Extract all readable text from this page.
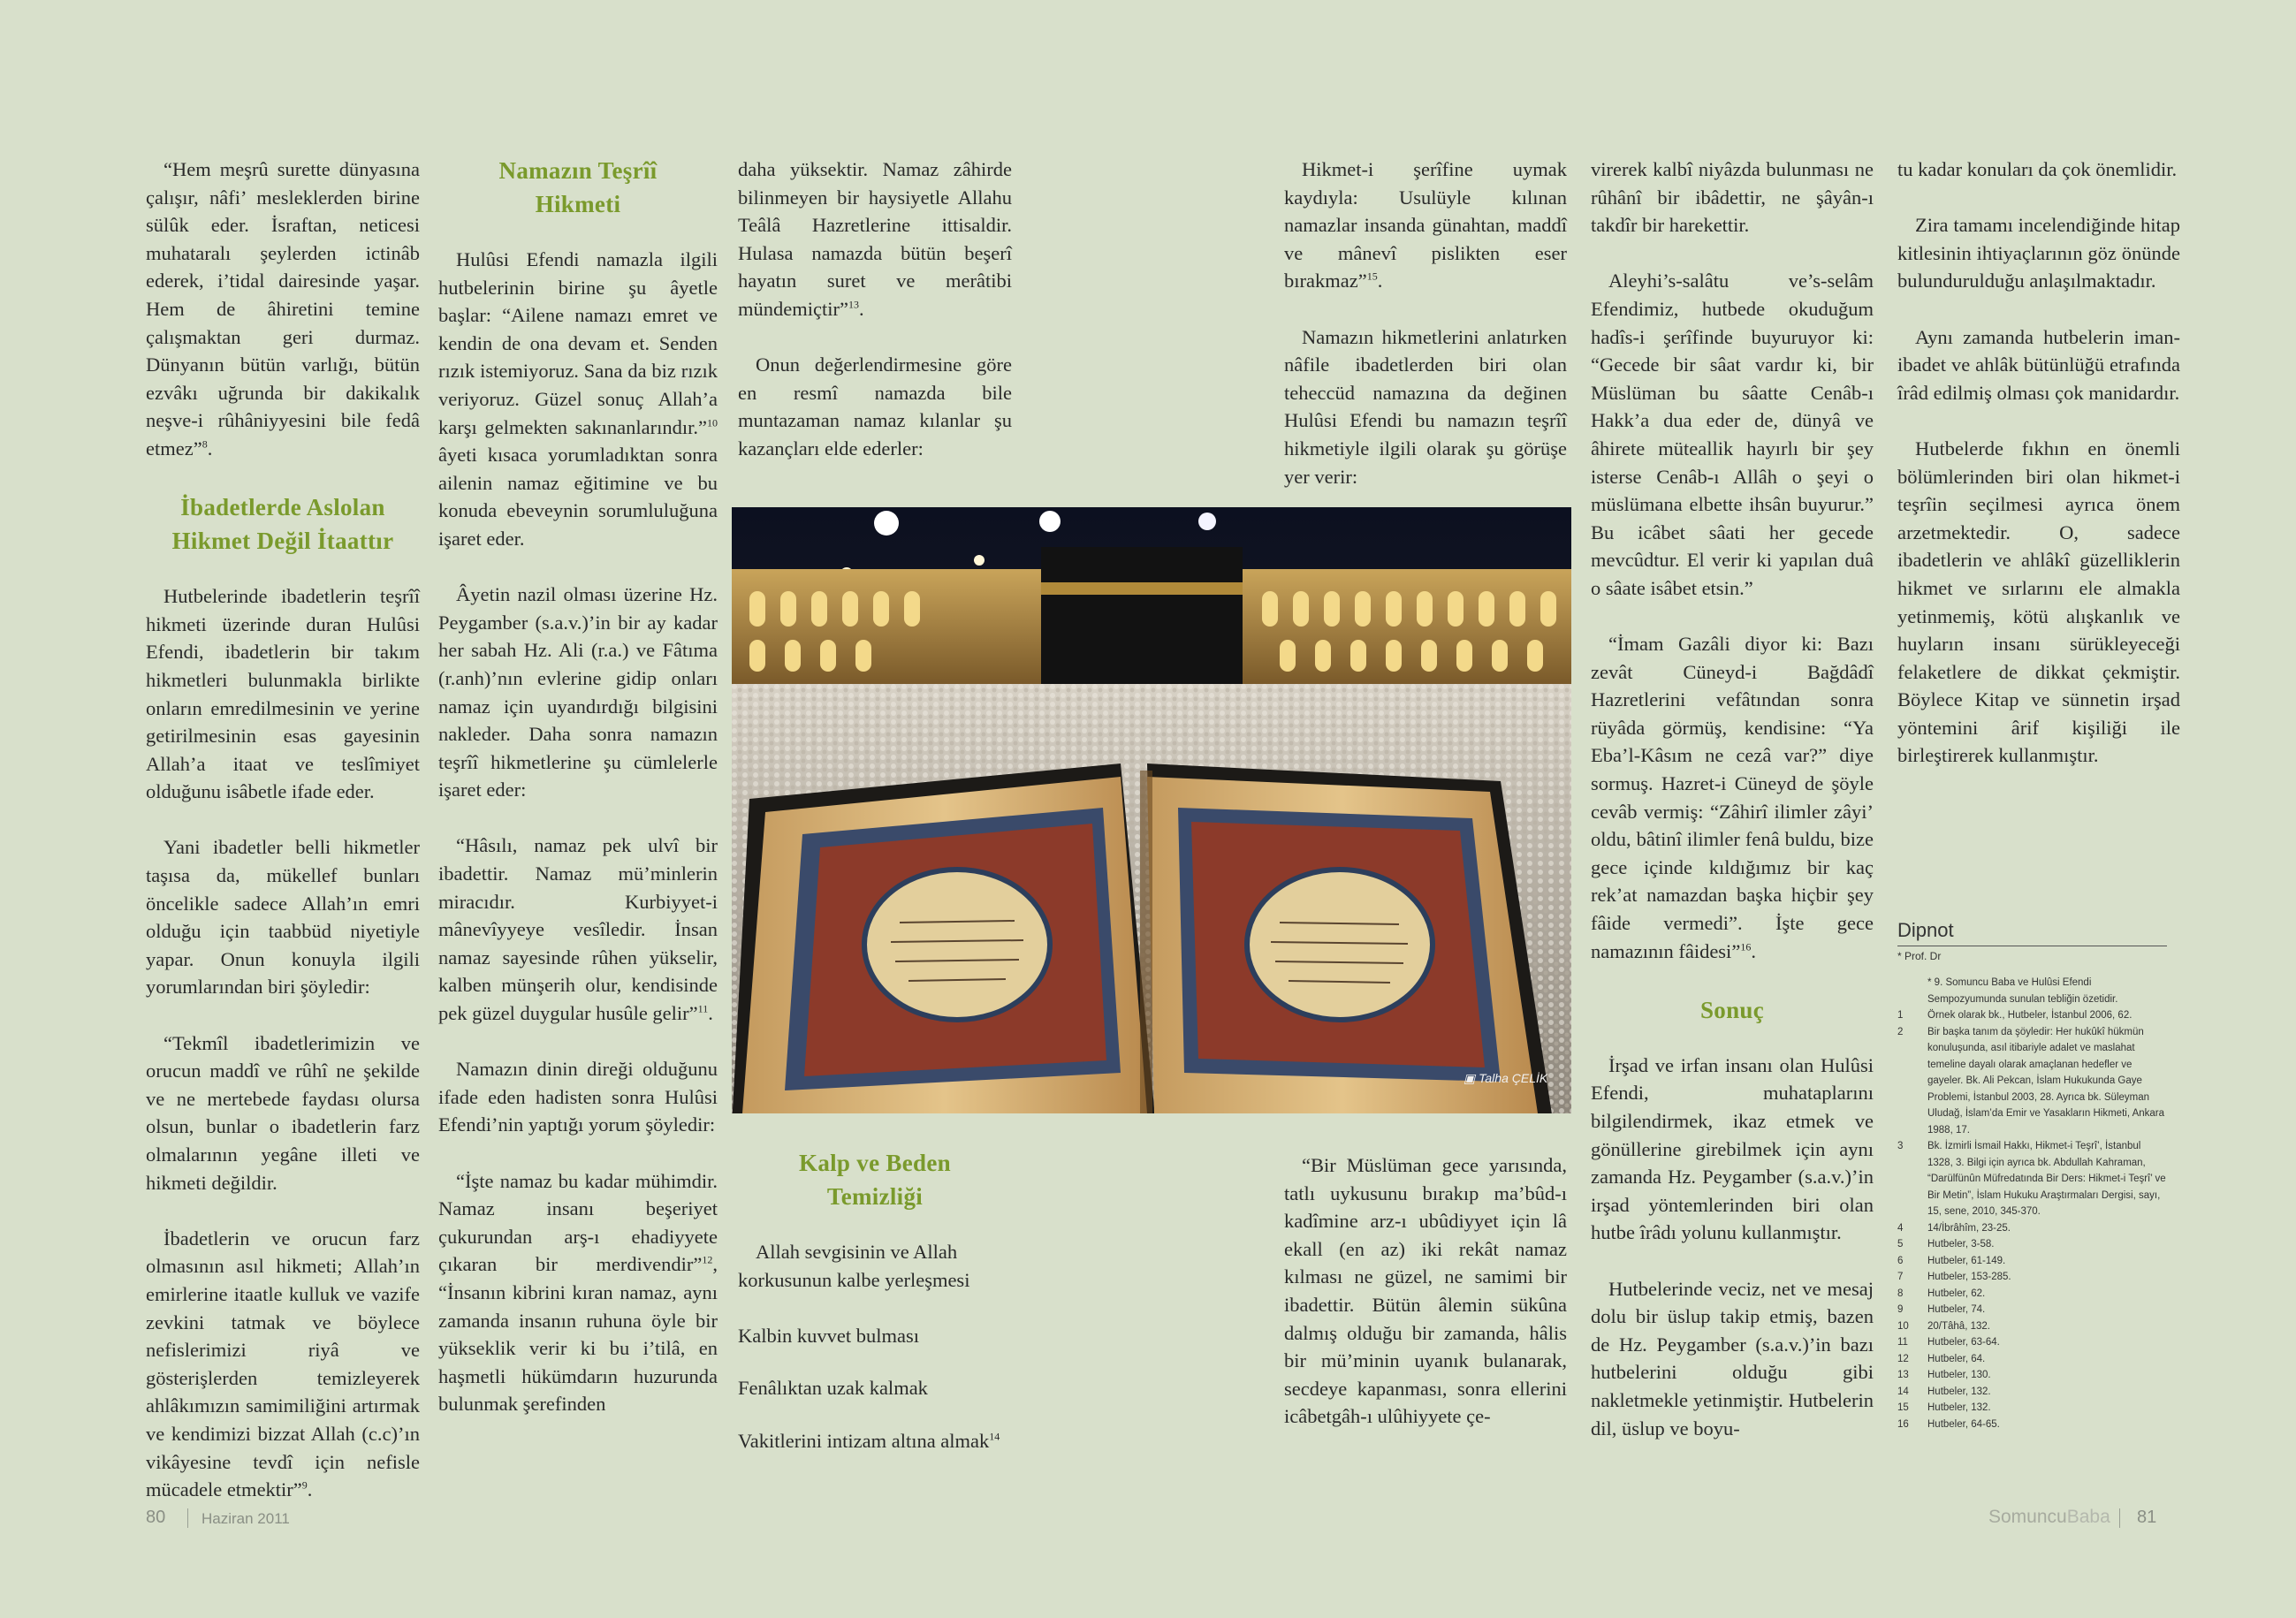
“Hem meşrû surette dünyasına çalışır, nâfi’ mesleklerden birine sülûk eder. İsraftan, neticesi muhataralı şeylerden ictinâb ederek, i’tidal dairesinde yaşar. Hem de âhiretini temine çalışmaktan geri durmaz. Dünyanın bütün varlığı, bütün ezvâkı uğrunda bir dakikalık neşve-i rûhâniyyesini bile fedâ etmez”$^8$.

İbadetlerde Aslolan Hikmet Değil İtaattır

Hutbelerinde ibadetlerin teşrîî hikmeti üzerinde duran Hulûsi Efendi, ibadetlerin bir takım hikmetleri bulunmakla birlikte onların emredilmesinin ve yerine getirilmesinin esas gayesinin Allah’a itaat ve teslîmiyet olduğunu isâbetle ifade eder.

Yani ibadetler belli hikmetler taşısa da, mükellef bunları öncelikle sadece Allah’ın emri olduğu için taabbüd niyetiyle yapar. Onun konuyla ilgili yorumlarından biri şöyledir:

“Tekmîl ibadetlerimizin ve orucun maddî ve rûhî ne şekilde ve ne mertebede faydası olursa olsun, bunlar o ibadetlerin farz olmalarının yegâne illeti ve hikmeti değildir.

İbadetlerin ve orucun farz olmasının asıl hikmeti; Allah’ın emirlerine itaatle kulluk ve vazife zevkini tatmak ve böylece nefislerimizi riyâ ve gösterişlerden temizleyerek ahlâkımızın samimiliğini artırmak ve kendimizi bizzat Allah (c.c)’ın vikâyesine tevdî için nefisle mücadele etmektir”$^9$.

Namazın Teşrîî Hikmeti

Hulûsi Efendi namazla ilgili hutbelerinin birine şu âyetle başlar: “Ailene namazı emret ve kendin de ona devam et. Senden rızık istemiyoruz. Sana da biz rızık veriyoruz. Güzel sonuç Allah’a karşı gelmekten sakınanlarındır.”$^{10}$ âyeti kısaca yorumladıktan sonra ailenin namaz eğitimine ve bu konuda ebeveynin sorumluluğuna işaret eder.

Âyetin nazil olması üzerine Hz. Peygamber (s.a.v.)’in bir ay kadar her sabah Hz. Ali (r.a.) ve Fâtıma (r.anh)’nın evlerine gidip onları namaz için uyandırdığı bilgisini nakleder. Daha sonra namazın teşrîî hikmetlerine şu cümlelerle işaret eder:

“Hâsılı, namaz pek ulvî bir ibadettir. Namaz mü’minlerin miracıdır. Kurbiyyet-i mânevîyyeye vesîledir. İnsan namaz sayesinde rûhen yükselir, kalben münşerih olur, kendisinde pek güzel duygular husûle gelir”$^{11}$.

Namazın dinin direği olduğunu ifade eden hadisten sonra Hulûsi Efendi’nin yaptığı yorum şöyledir:

“İşte namaz bu kadar mühimdir. Namaz insanı beşeriyet çukurundan arş-ı ehadiyyete çıkaran bir merdivendir”$^{12}$, “İnsanın kibrini kıran namaz, aynı zamanda insanın ruhuna öyle bir yükseklik verir ki bu i’tilâ, en haşmetli hükümdarın huzurunda bulunmak şerefinden

daha yüksektir. Namaz zâhirde bilinmeyen bir haysiyetle Allahu Teâlâ Hazretlerine ittisaldir. Hulasa namazda bütün beşerî hayatın suret ve merâtibi mündemiçtir”$^{13}$.

Onun değerlendirmesine göre en resmî namazda bile muntazaman namaz kılanlar şu kazançları elde ederler:

▣ Talha ÇELİK
Kalp ve Beden Temizliği

Allah sevgisinin ve Allah korkusunun kalbe yerleşmesi

Kalbin kuvvet bulması

Fenâlıktan uzak kalmak

Vakitlerini intizam altına almak$^{14}$

Hikmet-i şerîfine uymak kaydıyla: Usulüyle kılınan namazlar insanda günahtan, maddî ve mânevî pislikten eser bırakmaz”$^{15}$.

Namazın hikmetlerini anlatırken nâfile ibadetlerden biri olan teheccüd namazına da değinen Hulûsi Efendi bu namazın teşrîî hikmetiyle ilgili olarak şu görüşe yer verir:

“Bir Müslüman gece yarısında, tatlı uykusunu bırakıp ma’bûd-ı kadîmine arz-ı ubûdiyyet için lâ ekall (en az) iki rekât namaz kılması ne güzel, ne samimi bir ibadettir. Bütün âlemin sükûna dalmış olduğu bir zamanda, hâlis bir mü’minin uyanık bulanarak, secdeye kapanması, sonra ellerini icâbetgâh-ı ulûhiyyete çe-

virerek kalbî niyâzda bulunması ne rûhânî bir ibâdettir, ne şâyân-ı takdîr bir harekettir.

Aleyhi’s-salâtu ve’s-selâm Efendimiz, hutbede okuduğum hadîs-i şerîfinde buyuruyor ki: “Gecede bir sâat vardır ki, bir Müslüman bu sâatte Cenâb-ı Hakk’a dua eder de, dünyâ ve âhirete müteallik hayırlı bir şey isterse Cenâb-ı Allâh o şeyi o müslümana elbette ihsân buyurur.” Bu icâbet sâati her gecede mevcûdtur. El verir ki yapılan duâ o sâate isâbet etsin.”

“İmam Gazâli diyor ki: Bazı zevât Cüneyd-i Bağdâdî Hazretlerini vefâtından sonra rüyâda görmüş, kendisine: “Ya Eba’l-Kâsım ne cezâ var?” diye sormuş. Hazret-i Cüneyd de şöyle cevâb vermiş: “Zâhirî ilimler zâyi’ oldu, bâtinî ilimler fenâ buldu, bize gece içinde kıldığımız bir kaç rek’at namazdan başka hiçbir şey fâide vermedi”. İşte gece namazının fâidesi”$^{16}$.

Sonuç

İrşad ve irfan insanı olan Hulûsi Efendi, muhataplarını bilgilendirmek, ikaz etmek ve gönüllerine girebilmek için aynı zamanda Hz. Peygamber (s.a.v.)’in irşad yöntemlerinden biri olan hutbe îrâdı yolunu kullanmıştır.

Hutbelerinde veciz, net ve mesaj dolu bir üslup takip etmiş, bazen de Hz. Peygamber (s.a.v.)’in bazı hutbelerini olduğu gibi nakletmekle yetinmiştir. Hutbelerin dil, üslup ve boyu-

tu kadar konuları da çok önemlidir.

Zira tamamı incelendiğinde hitap kitlesinin ihtiyaçlarının göz önünde bulundurulduğu anlaşılmaktadır.

Aynı zamanda hutbelerin iman-ibadet ve ahlâk bütünlüğü etrafında îrâd edilmiş olması çok manidardır.

Hutbelerde fıkhın en önemli bölümlerinden biri olan hikmet-i teşrîin seçilmesi ayrıca önem arzetmektedir. O, sadece ibadetlerin ve ahlâkî güzelliklerin hikmet ve sırlarını ele almakla yetinmemiş, kötü alışkanlık ve huyların insanı sürükleyeceği felaketlere de dikkat çekmiştir. Böylece Kitap ve sünnetin irşad yöntemini ârif kişiliği ile birleştirerek kullanmıştır.

Dipnot
* Prof. Dr
* 9. Somuncu Baba ve Hulûsi Efendi Sempozyumunda sunulan tebliğin özetidir.
1	Örnek olarak bk., Hutbeler, İstanbul 2006, 62.
2	Bir başka tanım da şöyledir: Her hukûkî hükmün konuluşunda, asıl itibariyle adalet ve maslahat temeline dayalı olarak amaçlanan hedefler ve gayeler. Bk. Ali Pekcan, İslam Hukukunda Gaye Problemi, İstanbul 2003, 28. Ayrıca bk. Süleyman Uludağ, İslam’da Emir ve Yasakların Hikmeti, Ankara 1988, 17.
3	Bk. İzmirli İsmail Hakkı, Hikmet-i Teşrî’, İstanbul 1328, 3. Bilgi için ayrıca bk. Abdullah Kahraman, “Darülfünûn Müfredatında Bir Ders: Hikmet-i Teşrî’ ve Bir Metin”, İslam Hukuku Araştırmaları Dergisi, sayı, 15, sene, 2010, 345-370.
4	14/İbrâhîm, 23-25.
5	Hutbeler, 3-58.
6	Hutbeler, 61-149.
7	Hutbeler, 153-285.
8	Hutbeler, 62.
9	Hutbeler, 74.
10	20/Tâhâ, 132.
11	Hutbeler, 63-64.
12	Hutbeler, 64.
13	Hutbeler, 130.
14	Hutbeler, 132.
15	Hutbeler, 132.
16	Hutbeler, 64-65.
80 Haziran 2011	SomuncuBaba 81
